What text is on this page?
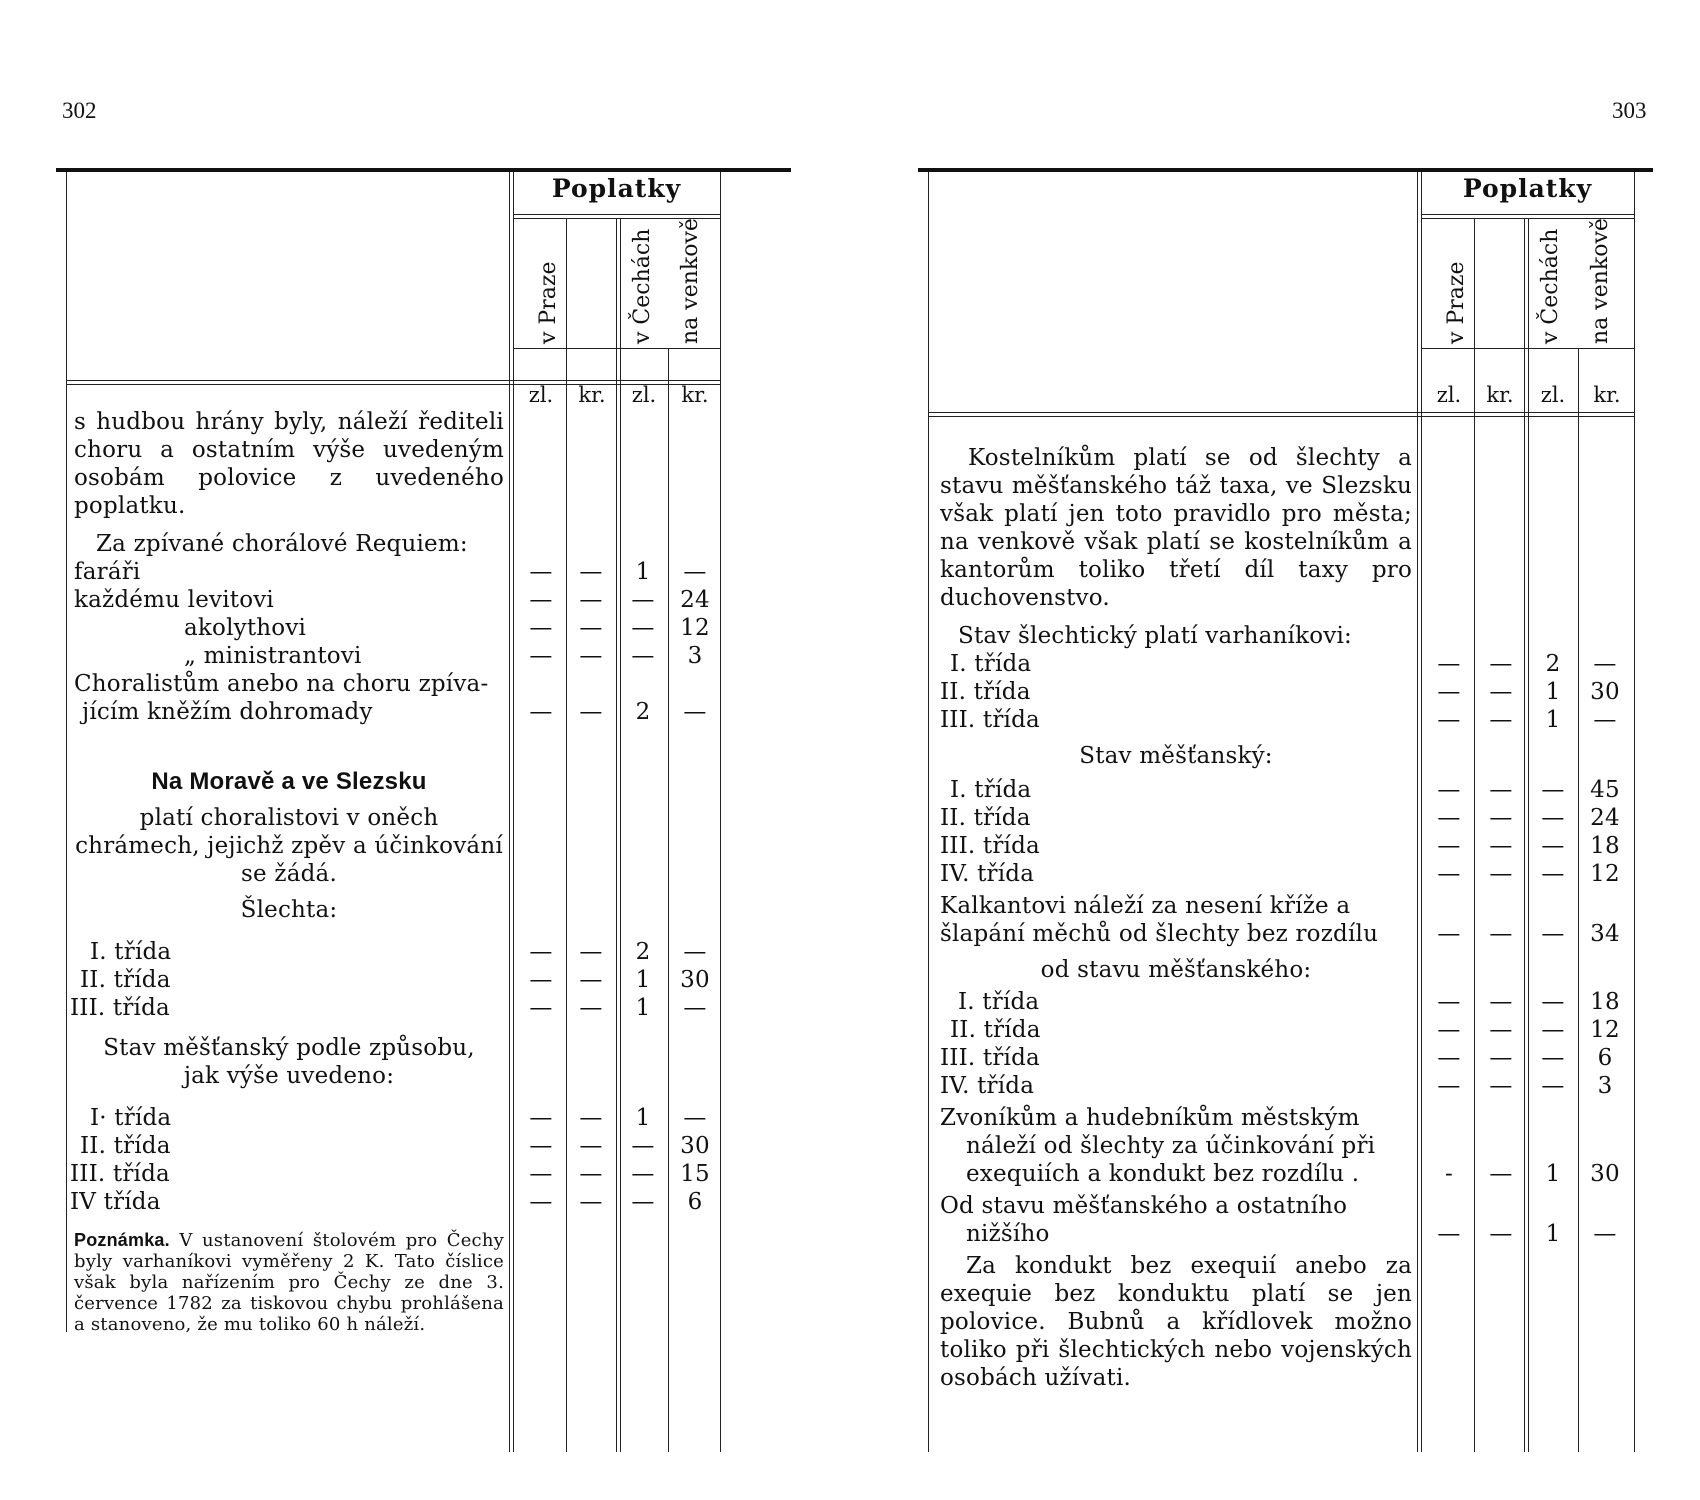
302
Poplatky
v Praze	v Čechách na venkově
zl.	kr.	zl.	kr.
s hudbou hrány byly, náleží řediteli choru a ostatním výše uvedeným osobám polovice z uvedeného poplatku.
Za zpívané chorálové Requiem:
faráři	—	—	1	—
každému levitovi	—	—	—	24
akolythovi	—	—	—	12
„ ministrantovi	—	—	—	3
Choralistům anebo na choru zpíva-
jícím kněžím dohromady	—	—	2	—
Na Moravě a ve Slezsku
platí choralistovi v oněch chrámech, jejichž zpěv a účinkování se žádá.
Šlechta:
I. třída	—	—	2	—
II. třída	—	—	1	30
III. třída	—	—	1	—
Stav měšťanský podle způsobu, jak výše uvedeno:
I· třída	—	—	1	—
II. třída	—	—	—	30
III. třída	—	—	—	15
IV třída	—	—	—	6
Poznámka. V ustanovení štolovém pro Čechy byly varhaníkovi vyměřeny 2 K. Tato číslice však byla nařízením pro Čechy ze dne 3. července 1782 za tiskovou chybu prohlášena a stanoveno, že mu toliko 60 h náleží.
303
Poplatky
v Praze	v Čechách na venkově
zl.	kr.	zl.	kr.
Kostelníkům platí se od šlechty a stavu měšťanského táž taxa, ve Slezsku však platí jen toto pravidlo pro města; na venkově však platí se kostelníkům a kantorům toliko třetí díl taxy pro duchovenstvo.
Stav šlechtický platí varhaníkovi:
I. třída	—	—	2	—
II. třída	—	—	1	30
III. třída	—	—	1	—
Stav měšťanský:
I. třída	—	—	—	45
II. třída	—	—	—	24
III. třída	—	—	—	18
IV. třída	—	—	—	12
Kalkantovi náleží za nesení kříže a
šlapání měchů od šlechty bez rozdílu	—	—	—	34
od stavu měšťanského:
I. třída	—	—	—	18
II. třída	—	—	—	12
III. třída	—	—	—	6
IV. třída	—	—	—	3
Zvoníkům a hudebníkům městským
náleží od šlechty za účinkování při
exequiích a kondukt bez rozdílu .	-	—	1	30
Od stavu měšťanského a ostatního
nižšího	—	—	1	—
Za kondukt bez exequií anebo za exequie bez konduktu platí se jen polovice. Bubnů a křídlovek možno toliko při šlechtických nebo vojenských osobách užívati.
